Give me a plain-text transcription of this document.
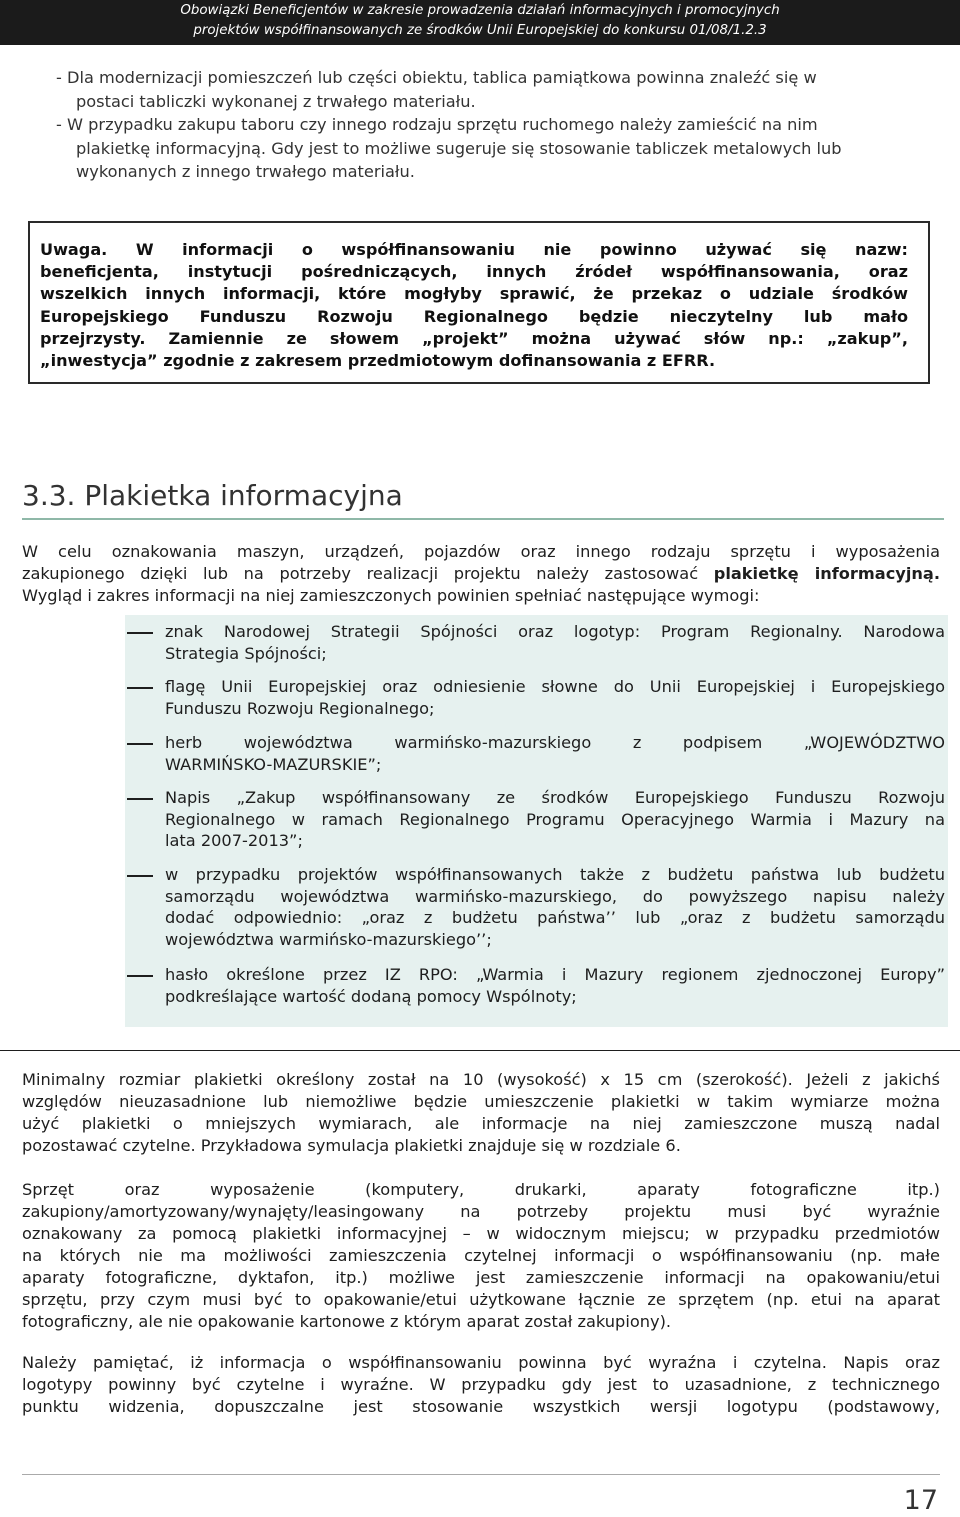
Obowiązki Beneficjentów w zakresie prowadzenia działań informacyjnych i promocyjnych
projektów współfinansowanych ze środków Unii Europejskiej do konkursu 01/08/1.2.3
- Dla modernizacji pomieszczeń lub części obiektu, tablica pamiątkowa powinna znaleźć się w
postaci tabliczki wykonanej z trwałego materiału.
- W przypadku zakupu taboru czy innego rodzaju sprzętu ruchomego należy zamieścić na nim
plakietkę informacyjną. Gdy jest to możliwe sugeruje się stosowanie tabliczek metalowych lub
wykonanych z innego trwałego materiału.
Uwaga. W informacji o współfinansowaniu nie powinno używać się nazw:
beneficjenta, instytucji pośredniczących, innych źródeł współfinansowania, oraz
wszelkich innych informacji, które mogłyby sprawić, że przekaz o udziale środków
Europejskiego Funduszu Rozwoju Regionalnego będzie nieczytelny lub mało
przejrzysty. Zamiennie ze słowem „projekt” można używać słów np.: „zakup”,
„inwestycja” zgodnie z zakresem przedmiotowym dofinansowania z EFRR.
3.3. Plakietka informacyjna
W celu oznakowania maszyn, urządzeń, pojazdów oraz innego rodzaju sprzętu i wyposażenia
zakupionego dzięki lub na potrzeby realizacji projektu należy zastosować plakietkę informacyjną.
Wygląd i zakres informacji na niej zamieszczonych powinien spełniać następujące wymogi:
znak Narodowej Strategii Spójności oraz logotyp: Program Regionalny. Narodowa
Strategia Spójności;
flagę Unii Europejskiej oraz odniesienie słowne do Unii Europejskiej i Europejskiego
Funduszu Rozwoju Regionalnego;
herb województwa warmińsko-mazurskiego z podpisem „WOJEWÓDZTWO
WARMIŃSKO-MAZURSKIE”;
Napis „Zakup współfinansowany ze środków Europejskiego Funduszu Rozwoju
Regionalnego w ramach Regionalnego Programu Operacyjnego Warmia i Mazury na
lata 2007-2013”;
w przypadku projektów współfinansowanych także z budżetu państwa lub budżetu
samorządu województwa warmińsko-mazurskiego, do powyższego napisu należy
dodać odpowiednio: „oraz z budżetu państwa’’ lub „oraz z budżetu samorządu
województwa warmińsko-mazurskiego’’;
hasło określone przez IZ RPO: „Warmia i Mazury regionem zjednoczonej Europy”
podkreślające wartość dodaną pomocy Wspólnoty;
Minimalny rozmiar plakietki określony został na 10 (wysokość) x 15 cm (szerokość). Jeżeli z jakichś
względów nieuzasadnione lub niemożliwe będzie umieszczenie plakietki w takim wymiarze można
użyć plakietki o mniejszych wymiarach, ale informacje na niej zamieszczone muszą nadal
pozostawać czytelne. Przykładowa symulacja plakietki znajduje się w rozdziale 6.
Sprzęt oraz wyposażenie (komputery, drukarki, aparaty fotograficzne itp.)
zakupiony/amortyzowany/wynajęty/leasingowany na potrzeby projektu musi być wyraźnie
oznakowany za pomocą plakietki informacyjnej – w widocznym miejscu; w przypadku przedmiotów
na których nie ma możliwości zamieszczenia czytelnej informacji o współfinansowaniu (np. małe
aparaty fotograficzne, dyktafon, itp.) możliwe jest zamieszczenie informacji na opakowaniu/etui
sprzętu, przy czym musi być to opakowanie/etui użytkowane łącznie ze sprzętem (np. etui na aparat
fotograficzny, ale nie opakowanie kartonowe z którym aparat został zakupiony).
Należy pamiętać, iż informacja o współfinansowaniu powinna być wyraźna i czytelna. Napis oraz
logotypy powinny być czytelne i wyraźne. W przypadku gdy jest to uzasadnione, z technicznego
punktu widzenia, dopuszczalne jest stosowanie wszystkich wersji logotypu (podstawowy,
17
